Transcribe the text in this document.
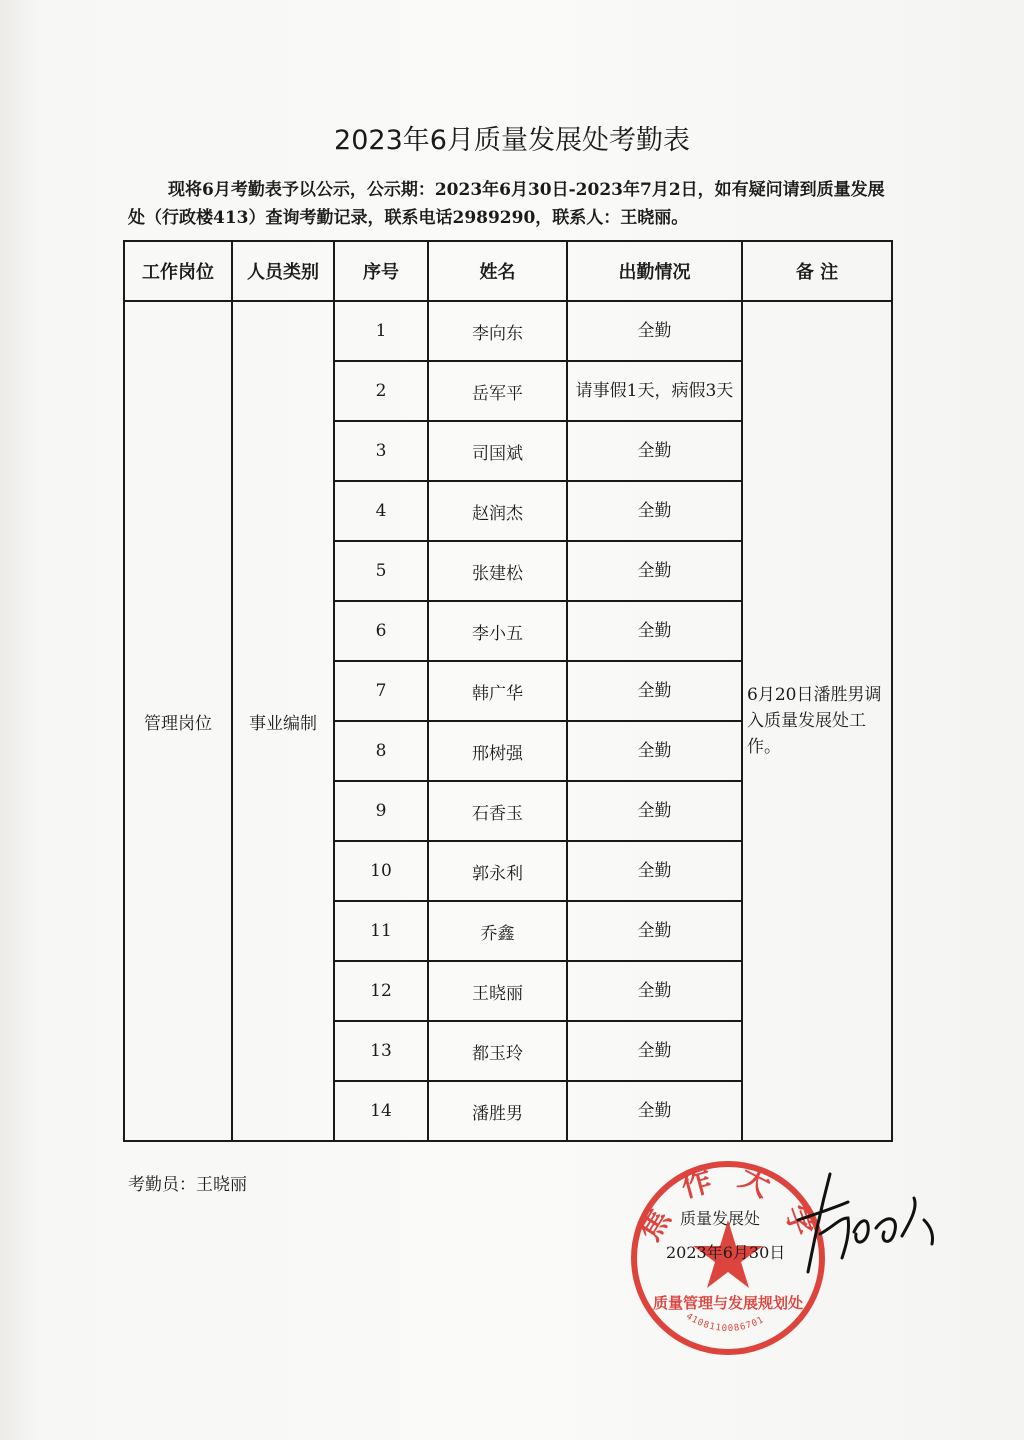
2023年6月质量发展处考勤表
现将6月考勤表予以公示，公示期：2023年6月30日-2023年7月2日，如有疑问请到质量发展处（行政楼413）查询考勤记录，联系电话2989290，联系人：王晓丽。
工作岗位	人员类别	序号	姓名	出勤情况	备 注
管理岗位	事业编制	1	李向东	全勤	6月20日潘胜男调入质量发展处工作。
		2	岳军平	请事假1天，病假3天	
		3	司国斌	全勤	
		4	赵润杰	全勤	
		5	张建松	全勤	
		6	李小五	全勤	
		7	韩广华	全勤	
		8	邢树强	全勤	
		9	石香玉	全勤	
		10	郭永利	全勤	
		11	乔鑫	全勤	
		12	王晓丽	全勤	
		13	都玉玲	全勤	
		14	潘胜男	全勤	
考勤员：王晓丽	焦作大学
质量管理与发展规划处
4108110086701
质量发展处
2023年6月30日
